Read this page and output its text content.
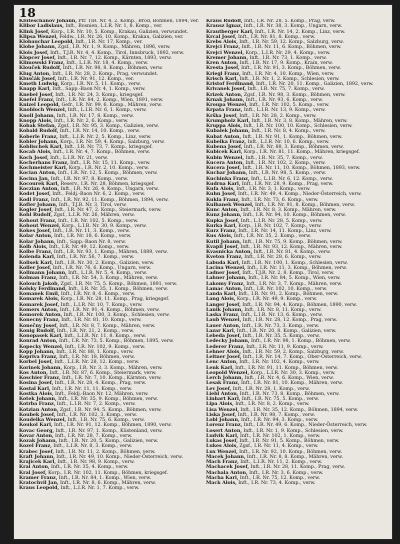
18
Kluteschanov Johann, Pfr. TIR. Nr. 4, 2. Komp., Brod, Böhmen, 1894, ver.
Klibor Ladislaus, Inft., Bosnien, L.I.R. Nr. 1, 8. Komp., ver.
Klink Josef, Korp., I.R. Nr. 10, 5. Komp., Krakau, Galizien, verwundet.
Klipsa Wenzel, Feldw., I.R. Nr. 26, 10. Komp., Krakau, Galizien, ver.
Klobauchar Leopold, Inft., I.R. Nr. 17, Komp., ver.
Klobe Johann, Zgsf., I.R. Nr. 1, 9. Komp., Mähren, 1896, verw.
Klois Josef, Inft., T.J.R. Nr. 4, 4. Komp., Tirol, Innsbruck, 1892, verw.
Klopcer Josef, Inft., I.R. Nr. 7, 12. Komp., Kärnten, 1893, verw.
Klimowski Franz, Inft., L.I.R. Nr. 18, 4. Komp., verw.
Klouček Rudolf, Inft., I.R. Nr. 98, 8. Komp., Böhmen, verw.
Klug Anton, Inft., I.R. Nr. 28, 2. Komp., Prag, verwundet.
Klusčák Josef, Inft., I.R. Nr. 91, 12. Komp., ver.
Kmeth Ludwig, Korp., I.R. Nr. 5, 11. Komp., verw.
Knapp Karl, Inft., Sapp.-Baon Nr. 4, 1. Komp., verw.
Knebel Josef, Inft., I.R. Nr. 24, 3. Komp., kriegsgef.
Knefel Franz, Inft., I.R. Nr. 84, 2. Komp., Wien, 1891, verw.
Knizel Leopold, Gefr., I.R. Nr. 99, 6. Komp., Mähren, verw.
Knobloch Wenzel, Inft., L.I.R. Nr. 6, 1. Komp., verw.
Knoll Johann, Inft., I.R. Nr. 17, 8. Komp., verw.
Knopp Alois, Inft., I.R. Nr. 2, 6. Komp., verw.
Kobak Stefan, Zgsf., I.R. Nr. 95, 3. Komp., Galizien, verw.
Kobald Rudolf, Inft., I.R. Nr. 14, 10. Komp., verw.
Koberle Franz, Inft., L.I.R. Nr. 2, 5. Komp., Linz, verw.
Kobler Johann, Korp., I.R. Nr. 59, 4. Komp., Salzburg, verw.
Koblischek Karl, Inft., I.R. Nr. 73, 7. Komp., kriegsgef.
Kocab Alois, Inft., I.R. Nr. 4, 7. Komp., Böhmen, verw.
Koch Josef, Inft., L.I.R. Nr. 21, verw.
Kocherhans Franz, Inft., I.R. Nr. 15, 11. Komp., verw.
Kochmeister Karl, Korp., I.R. Nr. 2, 10. Komp., verw.
Kocian Anton, Inft., I.R. Nr. 12, 5. Komp., Böhmen, verw.
Kocina Jan, Inft., I.R. Nr. 97, 8. Komp., verw.
Kocourek Karl, Reserv., I.R. Nr. 28, Böhmen, kriegsgef.
Koczian Anton, Inft., I.R. Nr. 26, 4. Komp., Ungarn, verw.
Kodet Josef, Inft., Feldj.-Baon Nr. 6, 2. Komp., verw.
Kodl Franz, Inft., I.R. Nr. 92, 11. Komp., Böhmen, 1894, verw.
Kofler Johann, Inft., T.J.R. Nr. 3, Tirol, verw.
Kogler Josef, Inft., I.R. Nr. 47, 2. Komp., Steiermark, verw.
Kohl Rudolf, Zgsf., L.I.R. Nr. 26, Mähren, verw.
Kohout Franz, Inft., I.R. Nr. 102, 5. Komp., verw.
Kohout Wenzel, Korp., L.I.R. Nr. 30, 9. Komp., verw.
Kokes Josef, Inft., I.R. Nr. 11, 3. Komp., verw.
Kolar Anton, Inft., I.R. Nr. 18, 6. Komp., verw.
Kolar Johann, Inft., Sapp.-Baon Nr. 8, verw.
Kolb Alois, Inft., I.R. Nr. 49, 12. Komp., verw.
Kolbe Franz, Inft., I.R. Nr. 93, 1. Komp., Mähren, 1889, verw.
Kolenda Karl, Inft., I.R. Nr. 56, 7. Komp., verw.
Kolisek Karl, Inft., I.R. Nr. 30, 2. Komp., Galizien, verw.
Koller Josef, Inft., I.R. Nr. 76, 6. Komp., Ungarn, verw.
Kollmann Johann, Inft., L.I.R. Nr. 5, 4. Komp., verw.
Kolman Franz, Inft., I.R. Nr. 54, 3. Komp., Mähren, verw.
Kolouch Jakob, Zgsf., I.R. Nr. 75, 5. Komp., Böhmen, 1891, verw.
Kolsky Ferdinand, Inft., I.R. Nr. 35, 1. Komp., Böhmen, verw.
Komanek Emil, Inft., I.R. Nr. 8, 6. Komp., verw.
Komarek Alois, Korp., I.R. Nr. 28, 11. Komp., Prag, kriegsgef.
Komarek Josef, Inft., L.I.R. Nr. 10, 7. Komp., verw.
Komers Anton, Inft., I.R. Nr. 91, 4. Komp., Böhmen, verw.
Komorek Anton, Inft., I.R. Nr. 100, 3. Komp., Schlesien, verw.
Konecny Franz, Inft., I.R. Nr. 81, 10. Komp., verw.
Konečny Josef, Inft., I.R. Nr. 8, 7. Komp., Mähren, verw.
Konig Rudolf, Inft., I.R. Nr. 21, 2. Komp., verw.
Konopasek Karl, Inft., L.I.R. Nr. 11, 8. Komp., verw.
Konrad Anton, Inft., I.R. Nr. 73, 5. Komp., Böhmen, 1895, verw.
Kopecky Wenzel, Inft., I.R. Nr. 102, 9. Komp., verw.
Kopp Johann, Inft., I.R. Nr. 88, 1. Komp., verw.
Kopriva Franz, Inft., I.R. Nr. 18, Böhmen, verw.
Korbel Josef, Inft., L.I.R. Nr. 28, 12. Komp., verw.
Korinek Johann, Korp., I.R. Nr. 3, 3. Komp., Mähren, verw.
Kos Anton, Inft., I.R. Nr. 87, 6. Komp., Steiermark, verw.
Koschier Franz, Inft., I.R. Nr. 7, 10. Komp., Kärnten, verw.
Kosina Josef, Inft., I.R. Nr. 28, 4. Komp., Prag, verw.
Kostal Karl, Inft., I.R. Nr. 11, 11. Komp., verw.
Kostka Alois, Inft., Feldj.-Baon Nr. 12, Mähren, verw.
Kotek Johann, Inft., I.R. Nr. 35, 9. Komp., Böhmen, verw.
Kotrba Franz, Inft., L.I.R. Nr. 7, 2. Komp., verw.
Kotzian Anton, Zgsf., I.R. Nr. 94, 5. Komp., Böhmen, verw.
Koubek Josef, Inft., I.R. Nr. 102, 3. Komp., verw.
Koudelka Wenzel, Inft., I.R. Nr. 75, 6. Komp., verw.
Koukol Karl, Inft., I.R. Nr. 91, 12. Komp., Böhmen, 1890, verw.
Kovac Georg, Inft., I.R. Nr. 97, 1. Komp., Küstenland, verw.
Kovar Anton, Inft., I.R. Nr. 28, 7. Komp., verw.
Kozak Johann, Inft., I.R. Nr. 20, 5. Komp., Galizien, verw.
Kozel Franz, Inft., L.I.R. Nr. 8, 3. Komp., verw.
Krabec Josef, Inft., I.R. Nr. 11, 2. Komp., Böhmen, verw.
Kraft Johann, Inft., I.R. Nr. 49, 10. Komp., Nieder-Österreich, verw.
Krajicek Karl, Inft., I.R. Nr. 98, 9. Komp., verw.
Kral Anton, Inft., I.R. Nr. 35, 4. Komp., verw.
Kral Josef, Korp., I.R. Nr. 102, 11. Komp., Böhmen, kriegsgef.
Kramer Franz, Inft., I.R. Nr. 84, 1. Komp., Wien, verw.
Kratochvil Jan, Inft., I.R. Nr. 8, 6. Komp., Mähren, verw.
Kraus Leopold, Inft., L.I.R. Nr. 1, 7. Komp., verw.
Kraus Rudolf, Inft., I.R. Nr. 28, 5. Komp., Prag, verw.
Krausz Ignaz, Inft., I.R. Nr. 38, 3. Komp., Ungarn, verw.
Krautberger Karl, Inft., I.R. Nr. 14, 2. Komp., Linz, verw.
Krcal Josef, Inft., I.R. Nr. 81, 8. Komp., verw.
Krebs Alois, Inft., I.R. Nr. 59, 12. Komp., Salzburg, verw.
Krejci Franz, Inft., I.R. Nr. 11, 6. Komp., Böhmen, verw.
Krejci Wenzel, Korp., L.I.R. Nr. 29, 4. Komp., verw.
Kremer Johann, Inft., I.R. Nr. 73, 1. Komp., verw.
Kren Anton, Inft., I.R. Nr. 17, 9. Komp., Krain, verw.
Kresta Josef, Inft., I.R. Nr. 91, 3. Komp., Böhmen, verw.
Kriegl Franz, Inft., I.R. Nr. 4, 10. Komp., Wien, verw.
Krisch Karl, Inft., I.R. Nr. 1, 2. Komp., Schlesien, verw.
Kristof Ferdinand, Inft., I.R. Nr. 20, 11. Komp., Galizien, 1892, verw.
Krivanek Josef, Inft., I.R. Nr. 75, 7. Komp., verw.
Krizek Anton, Zgsf., I.R. Nr. 98, 3. Komp., Böhmen, verw.
Krnak Johann, Inft., I.R. Nr. 93, 6. Komp., verw.
Kroupa Wenzel, Inft., I.R. Nr. 102, 5. Komp., verw.
Krpata Franz, Inft., L.I.R. Nr. 13, 9. Komp., verw.
Krška Josef, Inft., I.R. Nr. 28, 2. Komp., verw.
Krumpholz Karl, Inft., I.R. Nr. 3, 8. Komp., Mähren, verw.
Kruppa Alois, Inft., I.R. Nr. 100, 10. Komp., Schlesien, verw.
Kubalek Johann, Inft., I.R. Nr. 8, 4. Komp., verw.
Kubat Anton, Inft., I.R. Nr. 91, 1. Komp., Böhmen, verw.
Kubelka Franz, Inft., L.I.R. Nr. 10, 6. Komp., verw.
Kubena Josef, Inft., I.R. Nr. 88, 3. Komp., Böhmen, verw.
Kubicek Karl, Korp., I.R. Nr. 81, 11. Komp., Mähren, kriegsgef.
Kubin Wenzel, Inft., I.R. Nr. 35, 7. Komp., verw.
Kucera Anton, Inft., I.R. Nr. 102, 2. Komp., verw.
Kucera Josef, Inft., I.R. Nr. 11, 10. Komp., Böhmen, 1893, verw.
Kuchar Johann, Inft., I.R. Nr. 98, 5. Komp., verw.
Kuchinka Franz, Inft., L.I.R. Nr. 6, 12. Komp., verw.
Kudrna Karl, Inft., I.R. Nr. 28, 9. Komp., Prag, verw.
Kufa Alois, Inft., I.R. Nr. 3, 1. Komp., verw.
Kuhn Josef, Inft., I.R. Nr. 49, 4. Komp., Nieder-Österreich, verw.
Kukla Franz, Inft., I.R. Nr. 73, 6. Komp., verw.
Kulhanek Wenzel, Inft., I.R. Nr. 91, 8. Komp., Böhmen, verw.
Kunc Anton, Inft., I.R. Nr. 8, 3. Komp., Mähren, verw.
Kunz Johann, Inft., I.R. Nr. 94, 10. Komp., Böhmen, verw.
Kupka Josef, Inft., L.I.R. Nr. 28, 5. Komp., verw.
Kurka Karl, Korp., I.R. Nr. 102, 7. Komp., verw.
Kurz Franz, Inft., I.R. Nr. 14, 11. Komp., Linz, verw.
Kus Alois, Inft., I.R. Nr. 35, 2. Komp., verw.
Kutil Johann, Inft., I.R. Nr. 75, 9. Komp., Böhmen, verw.
Kvapil Josef, Inft., I.R. Nr. 93, 12. Komp., Mähren, verw.
Kvasnicka Anton, Inft., I.R. Nr. 81, 4. Komp., verw.
Kveton Franz, Inft., I.R. Nr. 28, 6. Komp., verw.
Labuda Karl, Inft., I.R. Nr. 100, 1. Komp., Schlesien, verw.
Lacina Wenzel, Inft., I.R. Nr. 11, 3. Komp., Böhmen, verw.
Ladner Josef, Inft., T.J.R. Nr. 2, 8. Komp., Tirol, verw.
Lahner Johann, Inft., I.R. Nr. 84, 5. Komp., Wien, verw.
Lakomy Franz, Inft., I.R. Nr. 3, 7. Komp., Mähren, verw.
Lamac Anton, Inft., I.R. Nr. 102, 10. Komp., verw.
Landa Karl, Inft., I.R. Nr. 91, 2. Komp., Böhmen, verw.
Lang Alois, Korp., I.R. Nr. 49, 9. Komp., verw.
Langer Josef, Inft., I.R. Nr. 94, 4. Komp., Böhmen, 1890, verw.
Lanik Johann, Inft., I.R. Nr. 8, 11. Komp., verw.
Laska Franz, Inft., L.I.R. Nr. 13, 6. Komp., verw.
Laub Wenzel, Inft., I.R. Nr. 28, 12. Komp., Prag, verw.
Lauer Anton, Inft., I.R. Nr. 73, 3. Komp., verw.
Lazar Karl, Inft., I.R. Nr. 20, 8. Komp., Galizien, verw.
Lebeda Josef, Inft., I.R. Nr. 35, 5. Komp., verw.
Ledecky Johann, Inft., I.R. Nr. 98, 1. Komp., Böhmen, verw.
Lederer Franz, Inft., I.R. Nr. 11, 9. Komp., verw.
Lehner Alois, Inft., I.R. Nr. 59, 2. Komp., Salzburg, verw.
Leitner Josef, Inft., I.R. Nr. 14, 7. Komp., Ober-Österreich, verw.
Lenc Anton, Inft., I.R. Nr. 102, 4. Komp., verw.
Lenk Karl, Inft., I.R. Nr. 91, 11. Komp., Böhmen, verw.
Leopold Wenzel, Korp., L.I.R. Nr. 30, 3. Komp., verw.
Lerch Johann, Inft., I.R. Nr. 4, 6. Komp., Wien, verw.
Lesak Franz, Inft., I.R. Nr. 81, 10. Komp., Mähren, verw.
Lev Josef, Inft., I.R. Nr. 28, 1. Komp., verw.
Liebl Anton, Inft., I.R. Nr. 73, 8. Komp., Böhmen, verw.
Linhart Karl, Inft., I.R. Nr. 75, 5. Komp., verw.
Lipa Alois, Inft., I.R. Nr. 8, 2. Komp., verw.
Lisa Wenzel, Inft., I.R. Nr. 35, 12. Komp., Böhmen, 1894, verw.
Liska Josef, Inft., I.R. Nr. 98, 7. Komp., verw.
Lobl Johann, Inft., I.R. Nr. 94, 3. Komp., verw.
Lorenz Franz, Inft., I.R. Nr. 49, 6. Komp., Nieder-Österreich, verw.
Losert Anton, Inft., I.R. Nr. 1, 9. Komp., Schlesien, verw.
Ludvik Karl, Inft., I.R. Nr. 102, 1. Komp., verw.
Lukas Josef, Inft., I.R. Nr. 91, 5. Komp., Böhmen, verw.
Lukes Alois, Zgsf., I.R. Nr. 11, 4. Komp., verw.
Lux Wenzel, Inft., I.R. Nr. 92, 10. Komp., Böhmen, verw.
Macek Johann, Inft., I.R. Nr. 8, 8. Komp., Mähren, verw.
Mach Franz, Inft., L.I.R. Nr. 11, 2. Komp., verw.
Machacek Josef, Inft., I.R. Nr. 28, 11. Komp., Prag, verw.
Machala Anton, Inft., I.R. Nr. 3, 6. Komp., verw.
Macha Karl, Inft., I.R. Nr. 75, 12. Komp., verw.
Mack Alois, Inft., I.R. Nr. 73, 4. Komp., verw.
